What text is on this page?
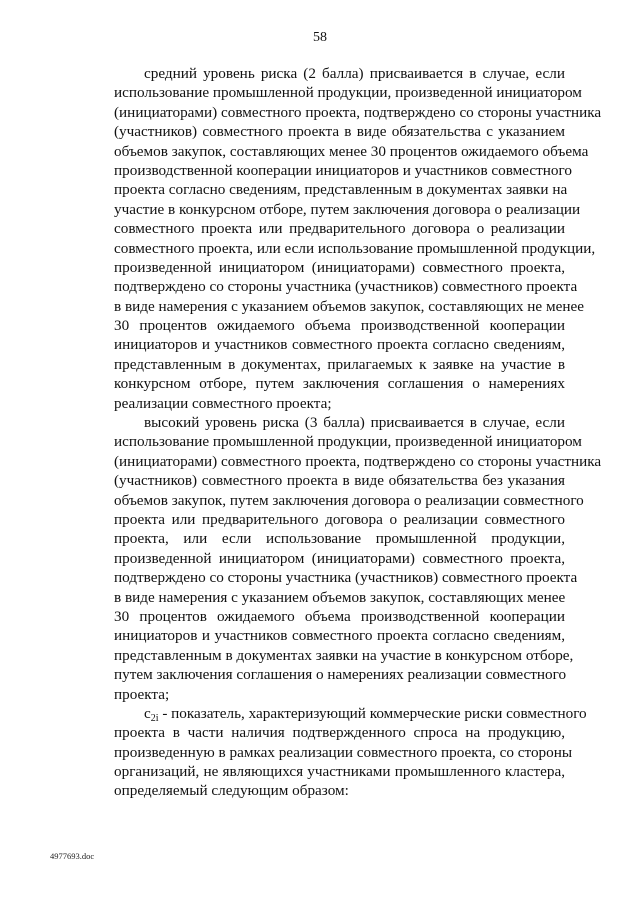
58
средний уровень риска (2 балла) присваивается в случае, если
использование промышленной продукции, произведенной инициатором
(инициаторами) совместного проекта, подтверждено со стороны участника
(участников) совместного проекта в виде обязательства с указанием
объемов закупок, составляющих менее 30 процентов ожидаемого объема
производственной кооперации инициаторов и участников совместного
проекта согласно сведениям, представленным в документах заявки на
участие в конкурсном отборе, путем заключения договора о реализации
совместного проекта или предварительного договора о реализации
совместного проекта, или если использование промышленной продукции,
произведенной инициатором (инициаторами) совместного проекта,
подтверждено со стороны участника (участников) совместного проекта
в виде намерения с указанием объемов закупок, составляющих не менее
30 процентов ожидаемого объема производственной кооперации
инициаторов и участников совместного проекта согласно сведениям,
представленным в документах, прилагаемых к заявке на участие в
конкурсном отборе, путем заключения соглашения о намерениях
реализации совместного проекта;
высокий уровень риска (3 балла) присваивается в случае, если
использование промышленной продукции, произведенной инициатором
(инициаторами) совместного проекта, подтверждено со стороны участника
(участников) совместного проекта в виде обязательства без указания
объемов закупок, путем заключения договора о реализации совместного
проекта или предварительного договора о реализации совместного
проекта, или если использование промышленной продукции,
произведенной инициатором (инициаторами) совместного проекта,
подтверждено со стороны участника (участников) совместного проекта
в виде намерения с указанием объемов закупок, составляющих менее
30 процентов ожидаемого объема производственной кооперации
инициаторов и участников совместного проекта согласно сведениям,
представленным в документах заявки на участие в конкурсном отборе,
путем заключения соглашения о намерениях реализации совместного
проекта;
$c_{2i}$ - показатель, характеризующий коммерческие риски совместного
проекта в части наличия подтвержденного спроса на продукцию,
произведенную в рамках реализации совместного проекта, со стороны
организаций, не являющихся участниками промышленного кластера,
определяемый следующим образом:
4977693.doc
